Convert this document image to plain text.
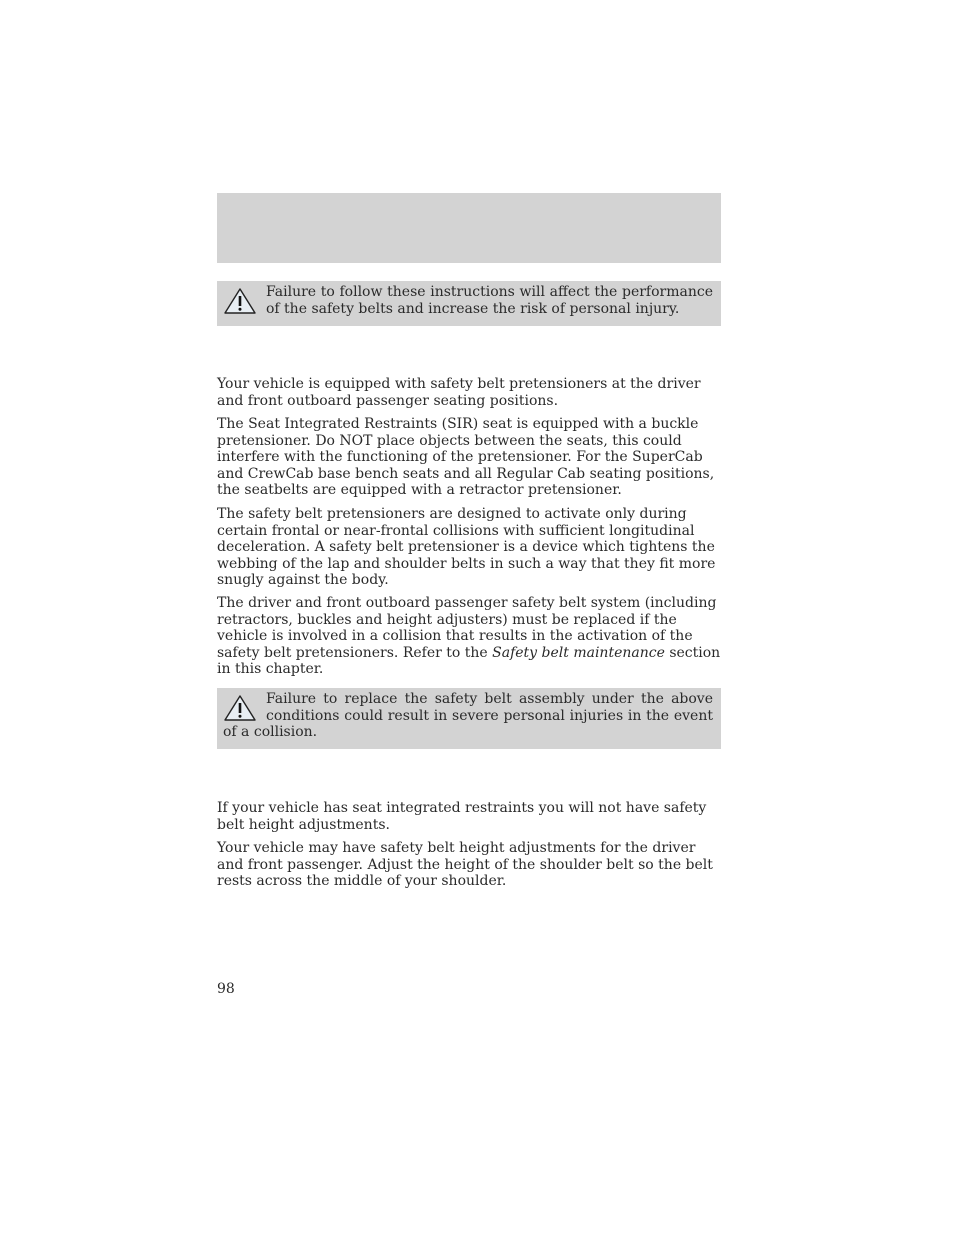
Failure to follow these instructions will affect the performance of the safety belts and increase the risk of personal injury.

Your vehicle is equipped with safety belt pretensioners at the driver and front outboard passenger seating positions.

The Seat Integrated Restraints (SIR) seat is equipped with a buckle pretensioner. Do NOT place objects between the seats, this could interfere with the functioning of the pretensioner. For the SuperCab and CrewCab base bench seats and all Regular Cab seating positions, the seatbelts are equipped with a retractor pretensioner.

The safety belt pretensioners are designed to activate only during certain frontal or near-frontal collisions with sufficient longitudinal deceleration. A safety belt pretensioner is a device which tightens the webbing of the lap and shoulder belts in such a way that they fit more snugly against the body.

The driver and front outboard passenger safety belt system (including retractors, buckles and height adjusters) must be replaced if the vehicle is involved in a collision that results in the activation of the safety belt pretensioners. Refer to the Safety belt maintenance section in this chapter.

Failure to replace the safety belt assembly under the above conditions could result in severe personal injuries in the event of a collision.

If your vehicle has seat integrated restraints you will not have safety belt height adjustments.

Your vehicle may have safety belt height adjustments for the driver and front passenger. Adjust the height of the shoulder belt so the belt rests across the middle of your shoulder.

98
